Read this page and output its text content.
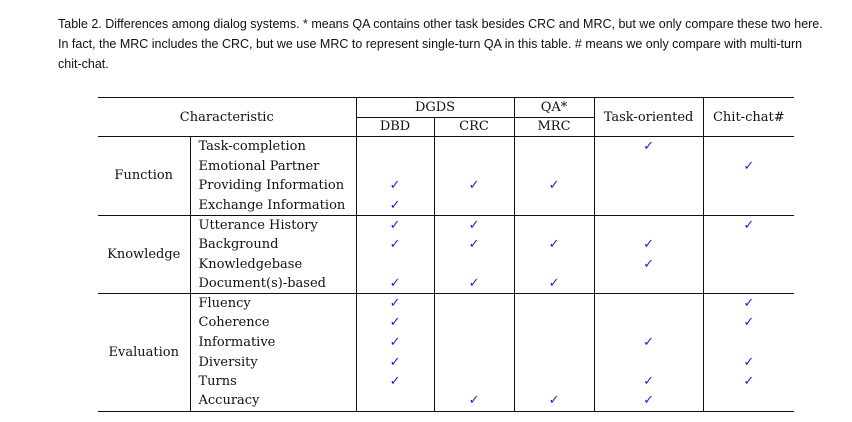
Table 2. Differences among dialog systems. * means QA contains other task besides CRC and MRC, but we only compare these two here. In fact, the MRC includes the CRC, but we use MRC to represent single-turn QA in this table. # means we only compare with multi-turn chit-chat.
Characteristic		DGDS		QA*	Task-oriented	Chit-chat#
		DBD	CRC	MRC		
Function	Task-completion				✓	
	Emotional Partner					✓
	Providing Information	✓	✓	✓		
	Exchange Information	✓				
Knowledge	Utterance History	✓	✓			✓
	Background	✓	✓	✓	✓	
	Knowledgebase				✓	
	Document(s)-based	✓	✓	✓		
Evaluation	Fluency	✓				✓
	Coherence	✓				✓
	Informative	✓			✓	
	Diversity	✓				✓
	Turns	✓			✓	✓
	Accuracy		✓	✓	✓	
